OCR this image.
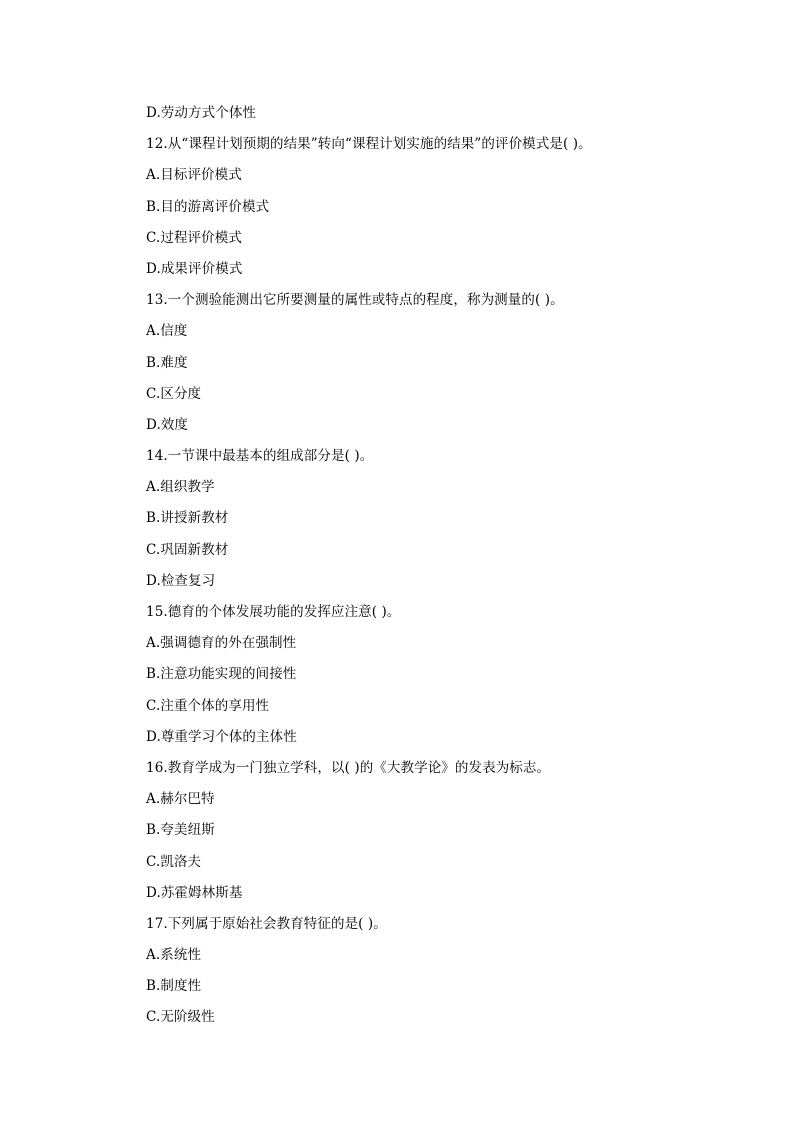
D.劳动方式个体性
12.从“课程计划预期的结果”转向“课程计划实施的结果”的评价模式是( )。
A.目标评价模式
B.目的游离评价模式
C.过程评价模式
D.成果评价模式
13.一个测验能测出它所要测量的属性或特点的程度，称为测量的( )。
A.信度
B.难度
C.区分度
D.效度
14.一节课中最基本的组成部分是( )。
A.组织教学
B.讲授新教材
C.巩固新教材
D.检查复习
15.德育的个体发展功能的发挥应注意( )。
A.强调德育的外在强制性
B.注意功能实现的间接性
C.注重个体的享用性
D.尊重学习个体的主体性
16.教育学成为一门独立学科，以( )的《大教学论》的发表为标志。
A.赫尔巴特
B.夸美纽斯
C.凯洛夫
D.苏霍姆林斯基
17.下列属于原始社会教育特征的是( )。
A.系统性
B.制度性
C.无阶级性
